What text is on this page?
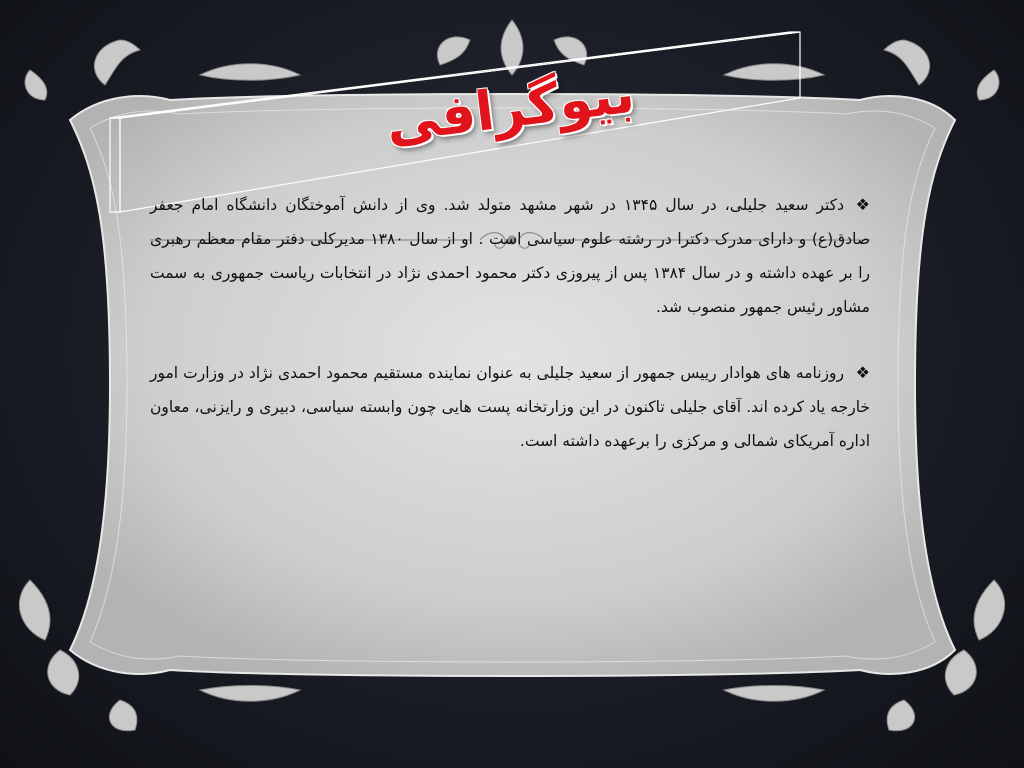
بیوگرافی

❖دکتر سعید جلیلی، در سال ۱۳۴۵ در شهر مشهد متولد شد. وی از دانش آموختگان دانشگاه امام جعفر صادق(ع) و دارای مدرک دکترا در رشته علوم سیاسی است . او از سال ۱۳۸۰ مدیرکلی دفتر مقام معظم رهبری را بر عهده داشته و در سال ۱۳۸۴ پس از پیروزی دکتر محمود احمدی نژاد در انتخابات ریاست جمهوری به سمت مشاور رئیس جمهور منصوب شد.

❖روزنامه های هوادار رییس جمهور از سعید جلیلی به عنوان نماینده مستقیم محمود احمدی نژاد در وزارت امور خارجه یاد کرده اند. آقای جلیلی تاکنون در این وزارتخانه پست هایی چون وابسته سیاسی، دبیری و رایزنی، معاون اداره آمریکای شمالی و مرکزی را برعهده داشته است.
